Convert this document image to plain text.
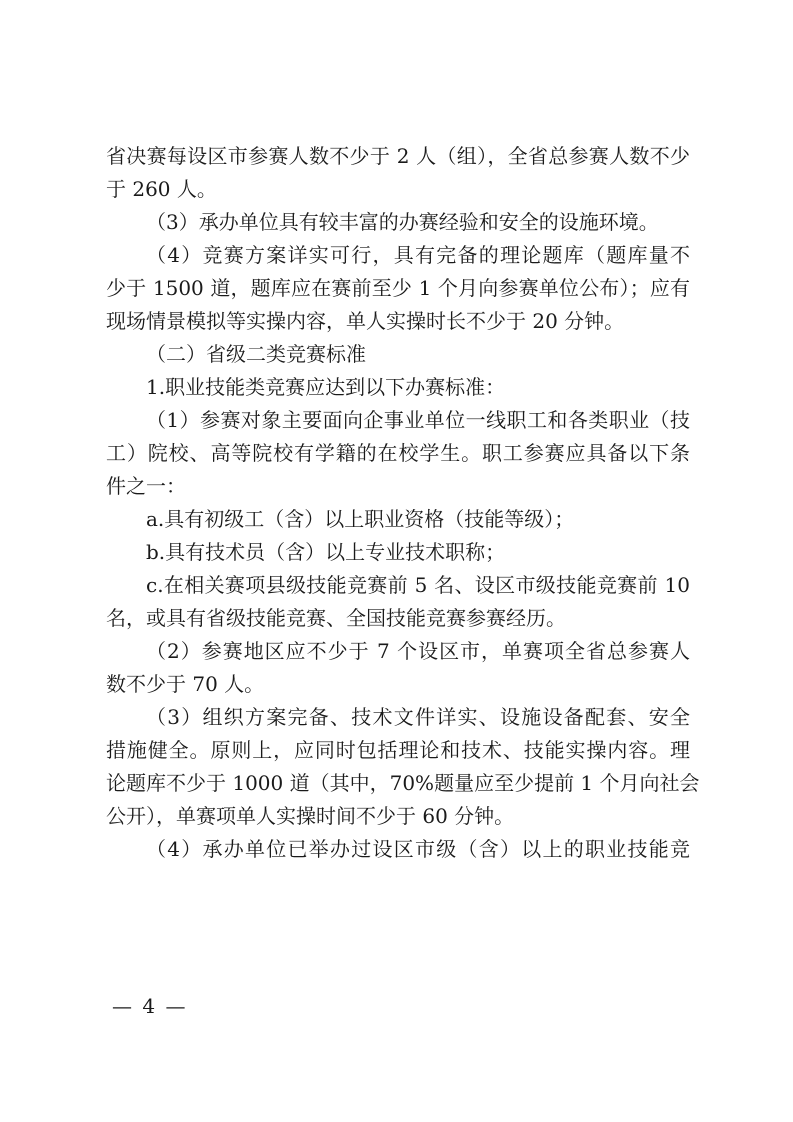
省决赛每设区市参赛人数不少于 2 人（组），全省总参赛人数不少
于 260 人。
（3）承办单位具有较丰富的办赛经验和安全的设施环境。
（4）竞赛方案详实可行，具有完备的理论题库（题库量不
少于 1500 道，题库应在赛前至少 1 个月向参赛单位公布）；应有
现场情景模拟等实操内容，单人实操时长不少于 20 分钟。
（二）省级二类竞赛标准
1.职业技能类竞赛应达到以下办赛标准：
（1）参赛对象主要面向企事业单位一线职工和各类职业（技
工）院校、高等院校有学籍的在校学生。职工参赛应具备以下条
件之一：
a.具有初级工（含）以上职业资格（技能等级）；
b.具有技术员（含）以上专业技术职称；
c.在相关赛项县级技能竞赛前 5 名、设区市级技能竞赛前 10
名，或具有省级技能竞赛、全国技能竞赛参赛经历。
（2）参赛地区应不少于 7 个设区市，单赛项全省总参赛人
数不少于 70 人。
（3）组织方案完备、技术文件详实、设施设备配套、安全
措施健全。原则上，应同时包括理论和技术、技能实操内容。理
论题库不少于 1000 道（其中，70%题量应至少提前 1 个月向社会
公开），单赛项单人实操时间不少于 60 分钟。
（4）承办单位已举办过设区市级（含）以上的职业技能竞
— 4 —
